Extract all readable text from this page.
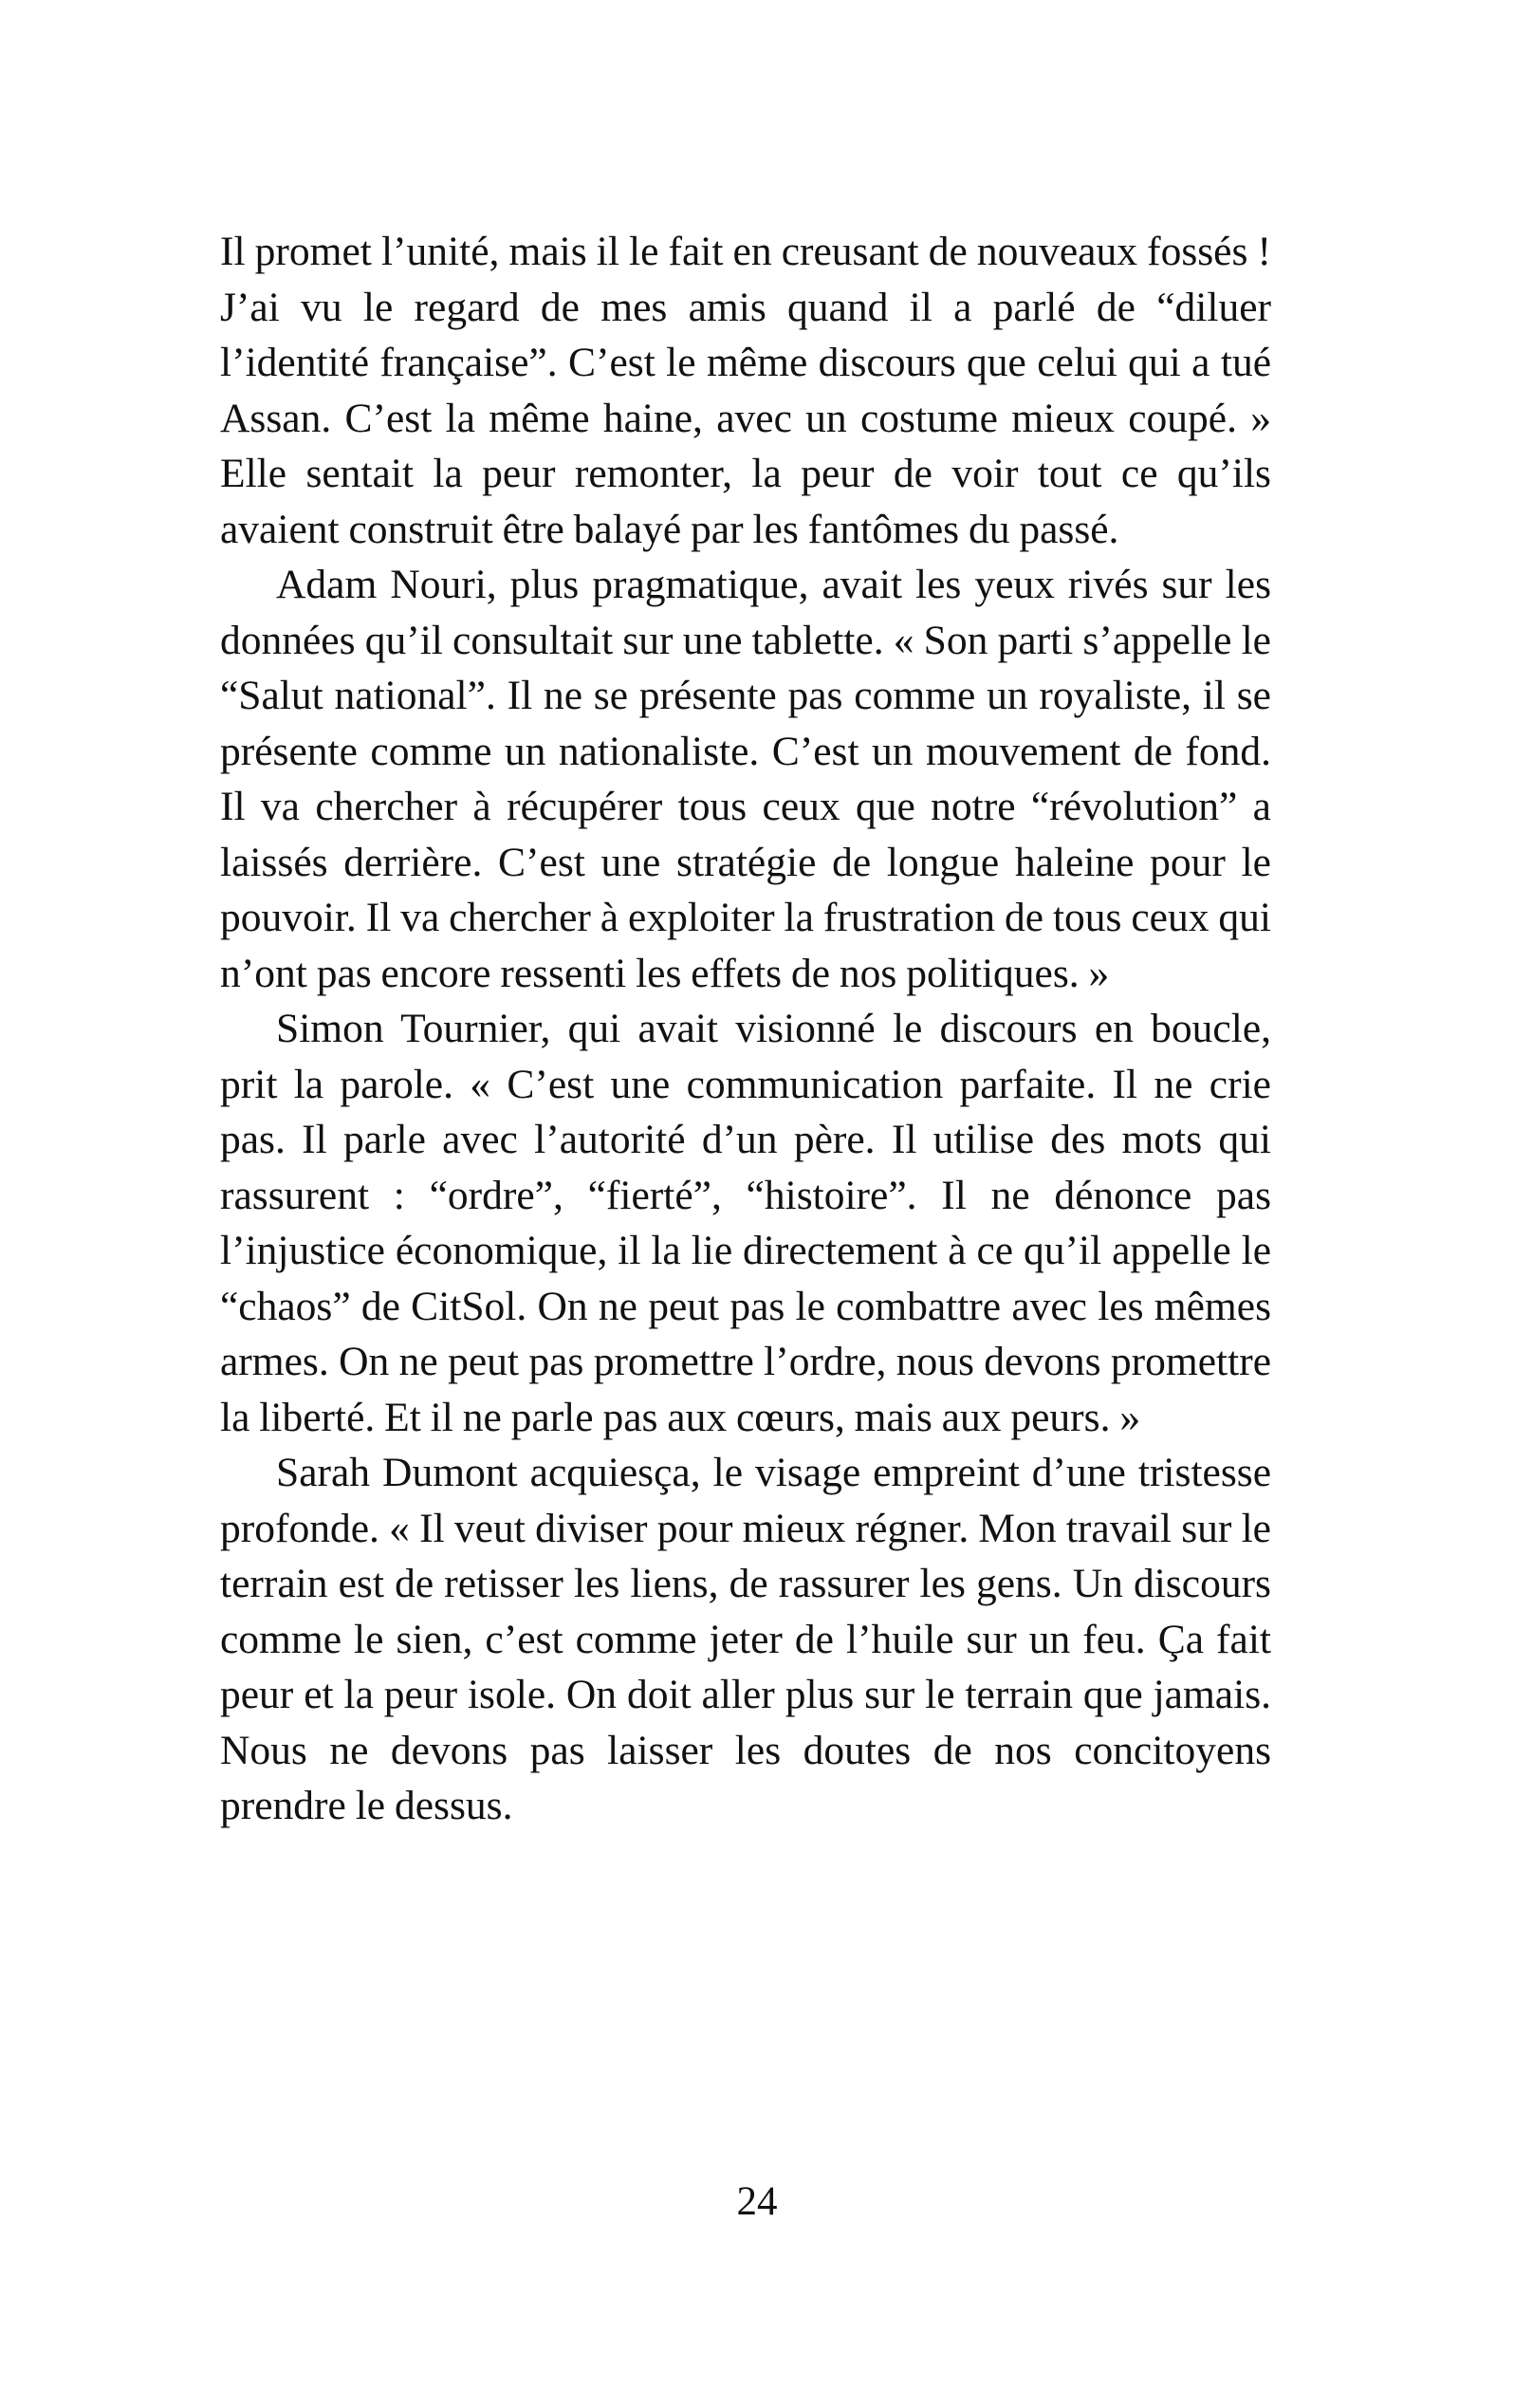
Il promet l’unité, mais il le fait en creusant de nouveaux fossés ! J’ai vu le regard de mes amis quand il a parlé de “diluer l’identité française”. C’est le même discours que celui qui a tué Assan. C’est la même haine, avec un costume mieux coupé. » Elle sentait la peur remonter, la peur de voir tout ce qu’ils avaient construit être balayé par les fantômes du passé.

Adam Nouri, plus pragmatique, avait les yeux rivés sur les données qu’il consultait sur une tablette. « Son parti s’appelle le “Salut national”. Il ne se présente pas comme un royaliste, il se présente comme un nationaliste. C’est un mouvement de fond. Il va chercher à récupérer tous ceux que notre “révolution” a laissés derrière. C’est une stratégie de longue haleine pour le pouvoir. Il va chercher à exploiter la frustration de tous ceux qui n’ont pas encore ressenti les effets de nos politiques. »

Simon Tournier, qui avait visionné le discours en boucle, prit la parole. « C’est une communication parfaite. Il ne crie pas. Il parle avec l’autorité d’un père. Il utilise des mots qui rassurent : “ordre”, “fierté”, “histoire”. Il ne dénonce pas l’injustice économique, il la lie directement à ce qu’il appelle le “chaos” de CitSol. On ne peut pas le combattre avec les mêmes armes. On ne peut pas promettre l’ordre, nous devons promettre la liberté. Et il ne parle pas aux cœurs, mais aux peurs. »

Sarah Dumont acquiesça, le visage empreint d’une tristesse profonde. « Il veut diviser pour mieux régner. Mon travail sur le terrain est de retisser les liens, de rassurer les gens. Un discours comme le sien, c’est comme jeter de l’huile sur un feu. Ça fait peur et la peur isole. On doit aller plus sur le terrain que jamais. Nous ne devons pas laisser les doutes de nos concitoyens prendre le dessus.

24
